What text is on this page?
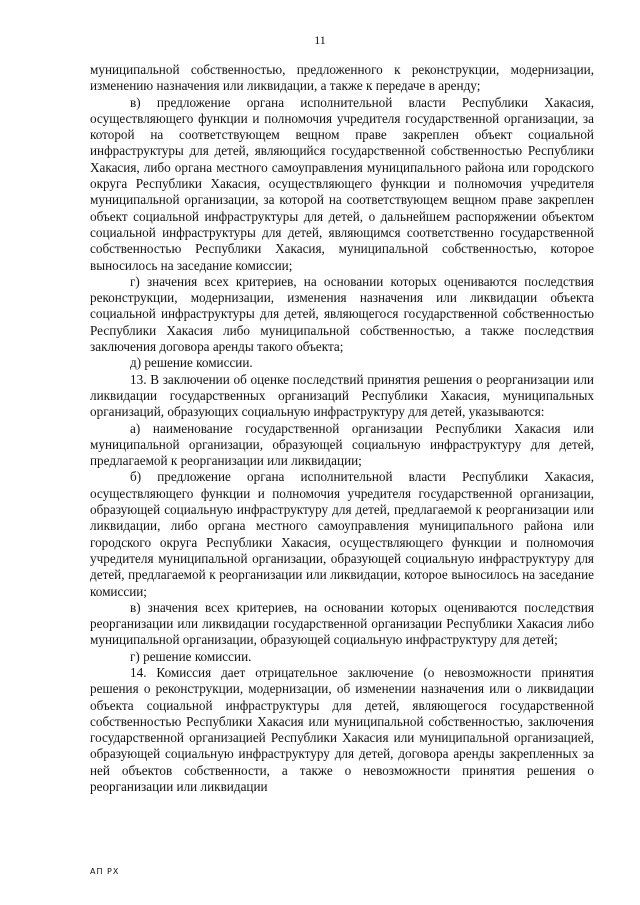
11

муниципальной собственностью, предложенного к реконструкции, модернизации, изменению назначения или ликвидации, а также к передаче в аренду;

в) предложение органа исполнительной власти Республики Хакасия, осуществляющего функции и полномочия учредителя государственной организации, за которой на соответствующем вещном праве закреплен объект социальной инфраструктуры для детей, являющийся государственной собственностью Республики Хакасия, либо органа местного самоуправления муниципального района или городского округа Республики Хакасия, осуществляющего функции и полномочия учредителя муниципальной организации, за которой на соответствующем вещном праве закреплен объект социальной инфраструктуры для детей, о дальнейшем распоряжении объектом социальной инфраструктуры для детей, являющимся соответственно государственной собственностью Республики Хакасия, муниципальной собственностью, которое выносилось на заседание комиссии;

г) значения всех критериев, на основании которых оцениваются последствия реконструкции, модернизации, изменения назначения или ликвидации объекта социальной инфраструктуры для детей, являющегося государственной собственностью Республики Хакасия либо муниципальной собственностью, а также последствия заключения договора аренды такого объекта;

д) решение комиссии.

13. В заключении об оценке последствий принятия решения о реорганизации или ликвидации государственных организаций Республики Хакасия, муниципальных организаций, образующих социальную инфраструктуру для детей, указываются:

а) наименование государственной организации Республики Хакасия или муниципальной организации, образующей социальную инфраструктуру для детей, предлагаемой к реорганизации или ликвидации;

б) предложение органа исполнительной власти Республики Хакасия, осуществляющего функции и полномочия учредителя государственной организации, образующей социальную инфраструктуру для детей, предлагаемой к реорганизации или ликвидации, либо органа местного самоуправления муниципального района или городского округа Республики Хакасия, осуществляющего функции и полномочия учредителя муниципальной организации, образующей социальную инфраструктуру для детей, предлагаемой к реорганизации или ликвидации, которое выносилось на заседание комиссии;

в) значения всех критериев, на основании которых оцениваются последствия реорганизации или ликвидации государственной организации Республики Хакасия либо муниципальной организации, образующей социальную инфраструктуру для детей;

г) решение комиссии.

14. Комиссия дает отрицательное заключение (о невозможности принятия решения о реконструкции, модернизации, об изменении назначения или о ликвидации объекта социальной инфраструктуры для детей, являющегося государственной собственностью Республики Хакасия или муниципальной собственностью, заключения государственной организацией Республики Хакасия или муниципальной организацией, образующей социальную инфраструктуру для детей, договора аренды закрепленных за ней объектов собственности, а также о невозможности принятия решения о реорганизации или ликвидации

АП РХ
